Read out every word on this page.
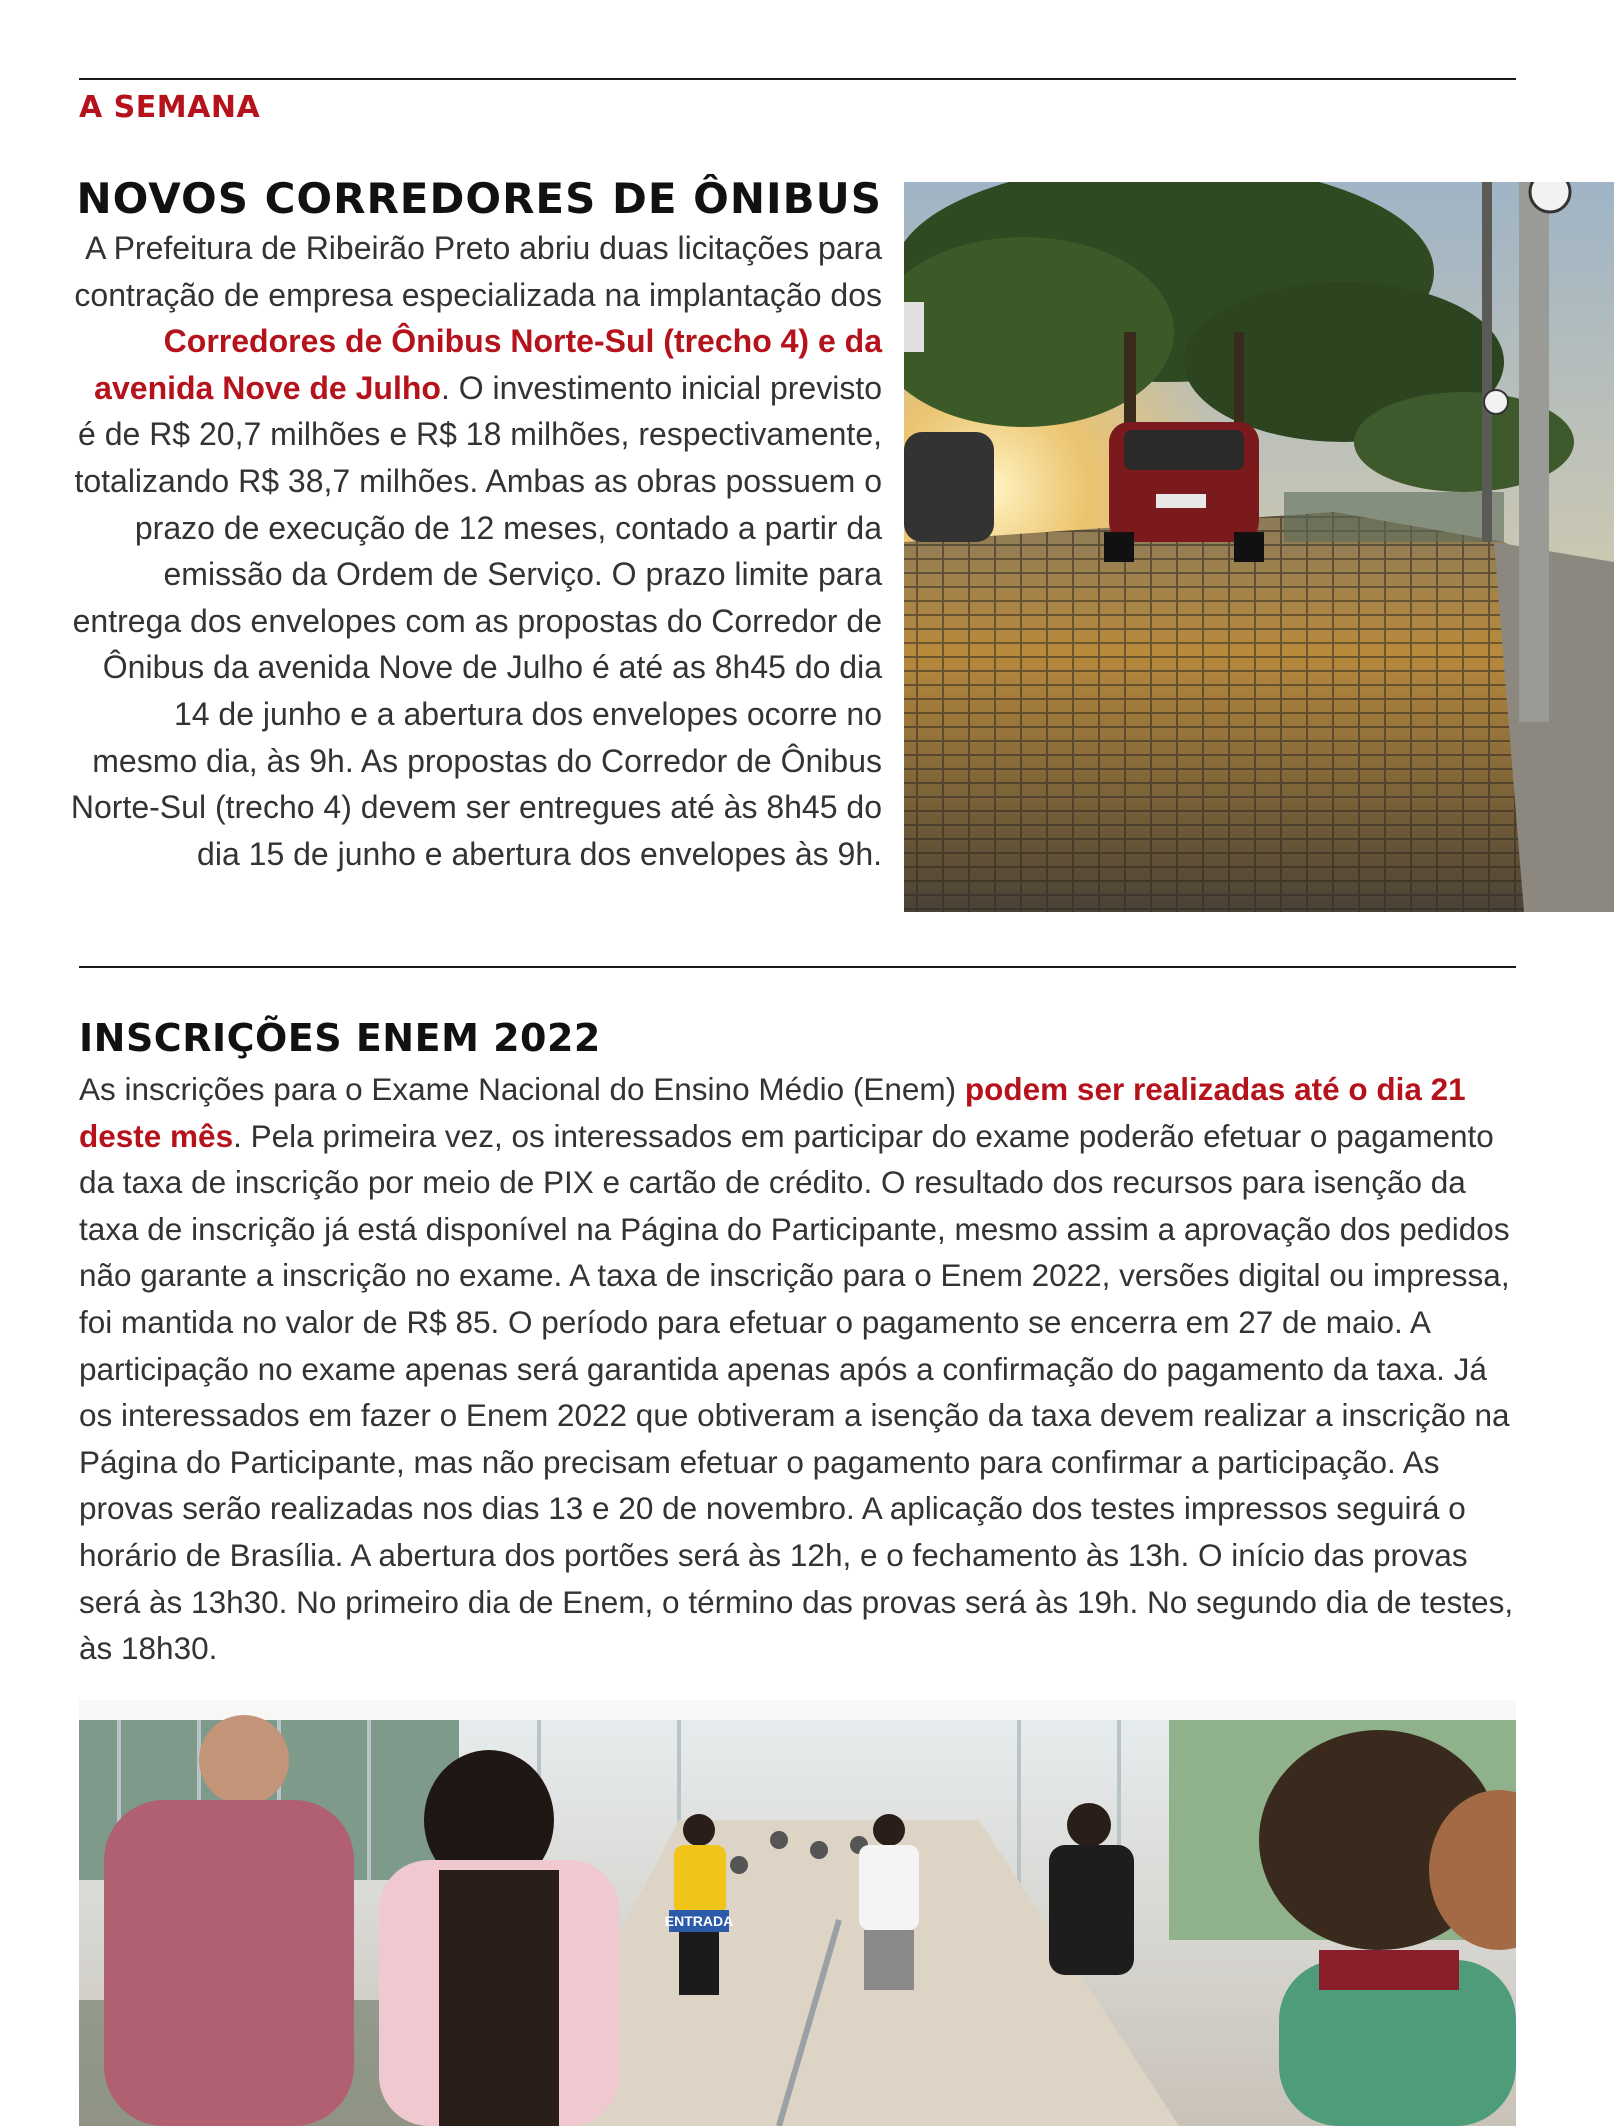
A SEMANA
NOVOS CORREDORES DE ÔNIBUS

A Prefeitura de Ribeirão Preto abriu duas licitações para contração de empresa especializada na implantação dos Corredores de Ônibus Norte-Sul (trecho 4) e da avenida Nove de Julho. O investimento inicial previsto é de R$ 20,7 milhões e R$ 18 milhões, respectivamente, totalizando R$ 38,7 milhões. Ambas as obras possuem o prazo de execução de 12 meses, contado a partir da emissão da Ordem de Serviço. O prazo limite para entrega dos envelopes com as propostas do Corredor de Ônibus da avenida Nove de Julho é até as 8h45 do dia 14 de junho e a abertura dos envelopes ocorre no mesmo dia, às 9h. As propostas do Corredor de Ônibus Norte-Sul (trecho 4) devem ser entregues até às 8h45 do dia 15 de junho e abertura dos envelopes às 9h.

INSCRIÇÕES ENEM 2022

As inscrições para o Exame Nacional do Ensino Médio (Enem) podem ser realizadas até o dia 21 deste mês. Pela primeira vez, os interessados em participar do exame poderão efetuar o pagamento da taxa de inscrição por meio de PIX e cartão de crédito. O resultado dos recursos para isenção da taxa de inscrição já está disponível na Página do Participante, mesmo assim a aprovação dos pedidos não garante a inscrição no exame. A taxa de inscrição para o Enem 2022, versões digital ou impressa, foi mantida no valor de R$ 85. O período para efetuar o pagamento se encerra em 27 de maio. A participação no exame apenas será garantida apenas após a confirmação do pagamento da taxa. Já os interessados em fazer o Enem 2022 que obtiveram a isenção da taxa devem realizar a inscrição na Página do Participante, mas não precisam efetuar o pagamento para confirmar a participação. As provas serão realizadas nos dias 13 e 20 de novembro. A aplicação dos testes impressos seguirá o horário de Brasília. A abertura dos portões será às 12h, e o fechamento às 13h. O início das provas será às 13h30. No primeiro dia de Enem, o término das provas será às 19h. No segundo dia de testes, às 18h30.

ENTRADA
